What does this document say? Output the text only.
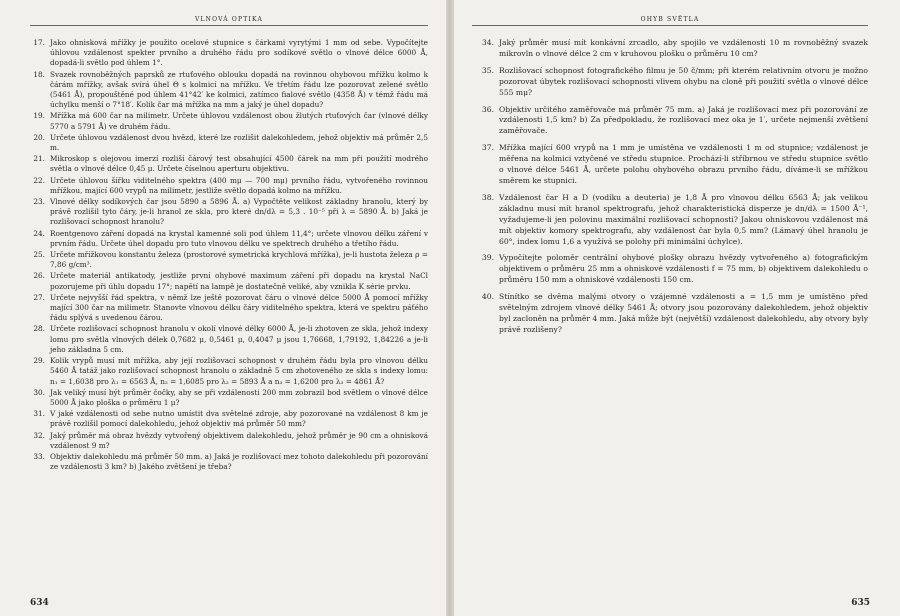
VLNOVÁ OPTIKA
17. Jako ohnisková mřížky je použito ocelové stupnice s čárkami vyrytými 1 mm od sebe. Vypočítejte úhlovou vzdálenost spekter prvního a druhého řádu pro sodíkové světlo o vlnové délce 6000 Å, dopadá-li světlo pod úhlem 1°.
18. Svazek rovnoběžných paprsků ze rtuťového oblouku dopadá na rovinnou ohybovou mřížku kolmo k čárám mřížky, avšak svírá úhel Θ s kolmicí na mřížku. Ve třetím řádu lze pozorovat zelené světlo (5461 Å), propouštěné pod úhlem 41°42′ ke kolmici, zatímco fialové světlo (4358 Å) v témž řádu má úchylku menší o 7°18′. Kolik čar má mřížka na mm a jaký je úhel dopadu?
19. Mřížka má 600 čar na milimetr. Určete úhlovou vzdálenost obou žlutých rtuťových čar (vlnové délky 5770 a 5791 Å) ve druhém řádu.
20. Určete úhlovou vzdálenost dvou hvězd, které lze rozlišit dalekohledem, jehož objektiv má průměr 2,5 m.
21. Mikroskop s olejovou imerzí rozliší čárový test obsahující 4500 čárek na mm při použití modrého světla o vlnové délce 0,45 μ. Určete číselnou aperturu objektivu.
22. Určete úhlovou šířku viditelného spektra (400 mμ — 700 mμ) prvního řádu, vytvořeného rovinnou mřížkou, mající 600 vrypů na milimetr, jestliže světlo dopadá kolmo na mřížku.
23. Vlnové délky sodíkových čar jsou 5890 a 5896 Å. a) Vypočtěte velikost základny hranolu, který by právě rozlišil tyto čáry, je-li hranol ze skla, pro které dn/dλ = 5,3 . 10⁻⁵ při λ = 5890 Å. b) Jaká je rozlišovací schopnost hranolu?
24. Roentgenovo záření dopadá na krystal kamenné soli pod úhlem 11,4°; určete vlnovou délku záření v prvním řádu. Určete úhel dopadu pro tuto vlnovou délku ve spektrech druhého a třetího řádu.
25. Určete mřížkovou konstantu železa (prostorové symetrická krychlová mřížka), je-li hustota železa ρ = 7,86 g/cm³.
26. Určete materiál antikatody, jestliže první ohybové maximum záření při dopadu na krystal NaCl pozorujeme při úhlu dopadu 17°; napětí na lampě je dostatečně veliké, aby vznikla K série prvku.
27. Určete nejvyšší řád spektra, v němž lze ještě pozorovat čáru o vlnové délce 5000 Å pomocí mřížky mající 300 čar na milimetr. Stanovte vlnovou délku čáry viditelného spektra, která ve spektru páťého řádu splývá s uvedenou čárou.
28. Určete rozlišovací schopnost hranolu v okolí vlnové délky 6000 Å, je-li zhotoven ze skla, jehož indexy lomu pro světla vlnových délek 0,7682 μ, 0,5461 μ, 0,4047 μ jsou 1,76668, 1,79192, 1,84226 a je-li jeho základna 5 cm.
29. Kolik vrypů musí mít mřížka, aby její rozlišovací schopnost v druhém řádu byla pro vlnovou délku 5460 Å tatáž jako rozlišovací schopnost hranolu o základně 5 cm zhotoveného ze skla s indexy lomu: n₁ = 1,6038 pro λ₁ = 6563 Å, n₂ = 1,6085 pro λ₂ = 5893 Å a n₃ = 1,6200 pro λ₃ = 4861 Å?
30. Jak veliký musí být průměr čočky, aby se při vzdálenosti 200 mm zobrazil bod světlem o vlnové délce 5000 Å jako ploška o průměru 1 μ?
31. V jaké vzdálenosti od sebe nutno umístit dva světelné zdroje, aby pozorované na vzdálenost 8 km je právě rozlišil pomocí dalekohledu, jehož objektiv má průměr 50 mm?
32. Jaký průměr má obraz hvězdy vytvořený objektivem dalekohledu, jehož průměr je 90 cm a ohnisková vzdálenost 9 m?
33. Objektiv dalekohledu má průměr 50 mm. a) Jaká je rozlišovací mez tohoto dalekohledu při pozorování ze vzdálenosti 3 km? b) Jakého zvětšení je třeba?
634
OHYB SVĚTLA
34. Jaký průměr musí mít konkávní zrcadlo, aby spojilo ve vzdálenosti 10 m rovnoběžný svazek mikrovln o vlnové délce 2 cm v kruhovou plošku o průměru 10 cm?
35. Rozlišovací schopnost fotografického filmu je 50 č/mm; při kterém relativním otvoru je možno pozorovat úbytek rozlišovací schopnosti vlivem ohybu na cloně při použití světla o vlnové délce 555 mμ?
36. Objektiv určitého zaměřovače má průměr 75 mm. a) Jaká je rozlišovací mez při pozorování ze vzdálenosti 1,5 km? b) Za předpokladu, že rozlišovací mez oka je 1′, určete nejmenší zvětšení zaměřovače.
37. Mřížka mající 600 vrypů na 1 mm je umístěna ve vzdálenosti 1 m od stupnice; vzdálenost je měřena na kolmici vztyčené ve středu stupnice. Prochází-li stříbrnou ve středu stupnice světlo o vlnové délce 5461 Å, určete polohu ohybového obrazu prvního řádu, díváme-li se mřížkou směrem ke stupnici.
38. Vzdálenost čar H a D (vodíku a deuteria) je 1,8 Å pro vlnovou délku 6563 Å; jak velikou základnu musí mít hranol spektrografu, jehož charakteristická disperze je dn/dλ = 1500 Å⁻¹, vyžadujeme-li jen polovinu maximální rozlišovací schopnosti? Jakou ohniskovou vzdálenost má mít objektiv komory spektrografu, aby vzdálenost čar byla 0,5 mm? (Lámavý úhel hranolu je 60°, index lomu 1,6 a využívá se polohy při minimální úchylce).
39. Vypočítejte poloměr centrální ohybové plošky obrazu hvězdy vytvořeného a) fotografickým objektivem o průměru 25 mm a ohniskové vzdálenosti f = 75 mm, b) objektivem dalekohledu o průměru 150 mm a ohniskové vzdálenosti 150 cm.
40. Stínítko se dvěma malými otvory o vzájemné vzdálenosti a = 1,5 mm je umístěno před světelným zdrojem vlnové délky 5461 Å; otvory jsou pozorovány dalekohledem, jehož objektiv byl zacloněn na průměr 4 mm. Jaká může být (největší) vzdálenost dalekohledu, aby otvory byly právě rozlišeny?
635
